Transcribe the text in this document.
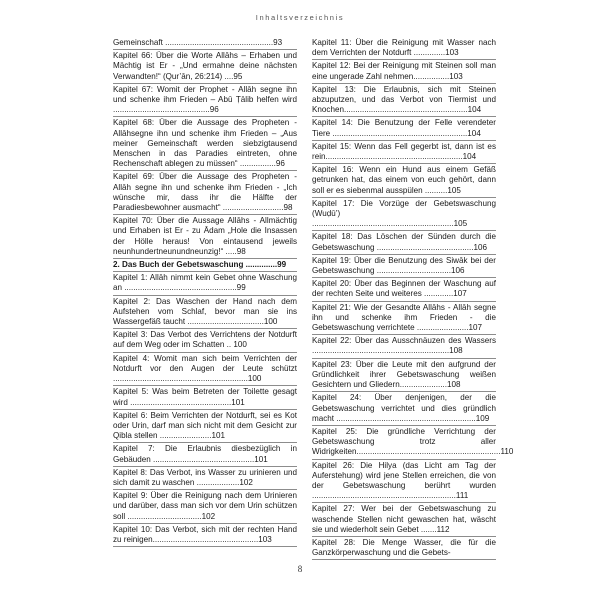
Inhaltsverzeichnis
Gemeinschaft ................................................93
Kapitel 66: Über die Worte Allāhs – Erhaben und Mächtig ist Er - „Und ermahne deine nächsten Verwandten!“ (Qur’ān, 26:214) ....95
Kapitel 67: Womit der Prophet - Allāh segne ihn und schenke ihm Frieden – Abū Ṭālib helfen wird ...........................................96
Kapitel 68: Über die Aussage des Propheten - Allāhsegne ihn und schenke ihm Frieden – „Aus meiner Gemeinschaft werden siebzigtausend Menschen in das Paradies eintreten, ohne Rechenschaft ablegen zu müssen“ ................96
Kapitel 69: Über die Aussage des Propheten - Allāh segne ihn und schenke ihm Frieden - „Ich wünsche mir, dass ihr die Hälfte der Paradiesbewohner ausmacht“ ...........................98
Kapitel 70: Über die Aussage Allāhs - Allmächtig und Erhaben ist Er - zu Ādam „Hole die Insassen der Hölle heraus! Von eintausend jeweils neunhundertneunundneunzig!“ .....98
2. Das Buch der Gebetswaschung ..............99
Kapitel 1: Allāh nimmt kein Gebet ohne Waschung an ..................................................99
Kapitel 2: Das Waschen der Hand nach dem Aufstehen vom Schlaf, bevor man sie ins Wassergefäß taucht ..................................100
Kapitel 3: Das Verbot des Verrichtens der Notdurft auf dem Weg oder im Schatten .. 100
Kapitel 4: Womit man sich beim Verrichten der Notdurft vor den Augen der Leute schützt ............................................................100
Kapitel 5: Was beim Betreten der Toilette gesagt wird .............................................101
Kapitel 6: Beim Verrichten der Notdurft, sei es Kot oder Urin, darf man sich nicht mit dem Gesicht zur Qibla stellen .......................101
Kapitel 7: Die Erlaubnis diesbezüglich in Gebäuden .............................................101
Kapitel 8: Das Verbot, ins Wasser zu urinieren und sich damit zu waschen ...................102
Kapitel 9: Über die Reinigung nach dem Urinieren und darüber, dass man sich vor dem Urin schützen soll .................................102
Kapitel 10: Das Verbot, sich mit der rechten Hand zu reinigen...............................................103
Kapitel 11: Über die Reinigung mit Wasser nach dem Verrichten der Notdurft ..............103
Kapitel 12: Bei der Reinigung mit Steinen soll man eine ungerade Zahl nehmen................103
Kapitel 13: Die Erlaubnis, sich mit Steinen abzuputzen, und das Verbot von Tiermist und Knochen.......................................................104
Kapitel 14: Die Benutzung der Felle verendeter Tiere ............................................................104
Kapitel 15: Wenn das Fell gegerbt ist, dann ist es rein.............................................................104
Kapitel 16: Wenn ein Hund aus einem Gefäß getrunken hat, das einem von euch gehört, dann soll er es siebenmal ausspülen ..........105
Kapitel 17: Die Vorzüge der Gebetswaschung (Wuḍū’) ...............................................................105
Kapitel 18: Das Löschen der Sünden durch die Gebetswaschung ...........................................106
Kapitel 19: Über die Benutzung des Siwāk bei der Gebetswaschung .................................106
Kapitel 20: Über das Beginnen der Waschung auf der rechten Seite und weiteres .............107
Kapitel 21: Wie der Gesandte Allāhs - Allāh segne ihn und schenke ihm Frieden - die Gebetswaschung verrichtete .......................107
Kapitel 22: Über das Ausschnäuzen des Wassers .............................................................108
Kapitel 23: Über die Leute mit den aufgrund der Gründlichkeit ihrer Gebetswaschung weißen Gesichtern und Gliedern.....................108
Kapitel 24: Über denjenigen, der die Gebetswaschung verrichtet und dies gründlich macht ..............................................................109
Kapitel 25: Die gründliche Verrichtung der Gebetswaschung trotz aller Widrigkeiten................................................................110
Kapitel 26: Die Hilya (das Licht am Tag der Auferstehung) wird jene Stellen erreichen, die von der Gebetswaschung berührt wurden ................................................................111
Kapitel 27: Wer bei der Gebetswaschung zu waschende Stellen nicht gewaschen hat, wäscht sie und wiederholt sein Gebet .......112
Kapitel 28: Die Menge Wasser, die für die Ganzkörperwaschung und die Gebets-
8
